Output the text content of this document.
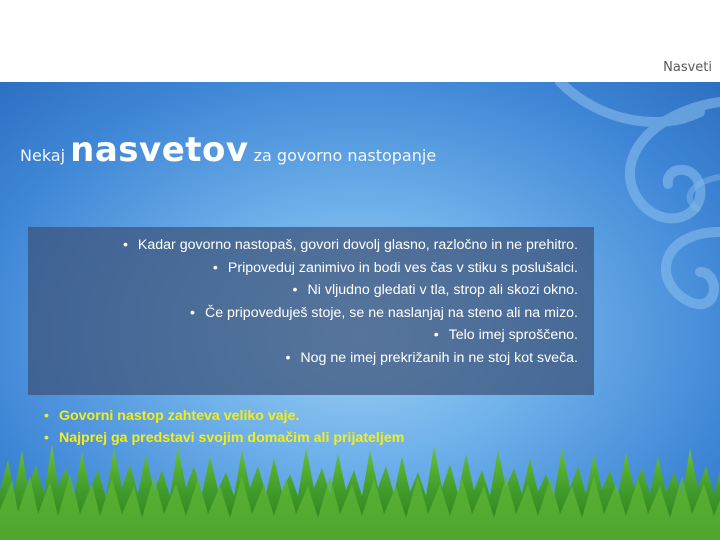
Nasveti
Nekaj nasvetov za govorno nastopanje
• Kadar govorno nastopaš, govori dovolj glasno, razločno in ne prehitro.
• Pripoveduj zanimivo in bodi ves čas v stiku s poslušalci.
• Ni vljudno gledati v tla, strop ali skozi okno.
• Če pripoveduješ stoje, se ne naslanjaj na steno ali na mizo.
• Telo imej sproščeno.
• Nog ne imej prekrižanih in ne stoj kot sveča.
• Govorni nastop zahteva veliko vaje.
• Najprej ga predstavi svojim domačim ali prijateljem
